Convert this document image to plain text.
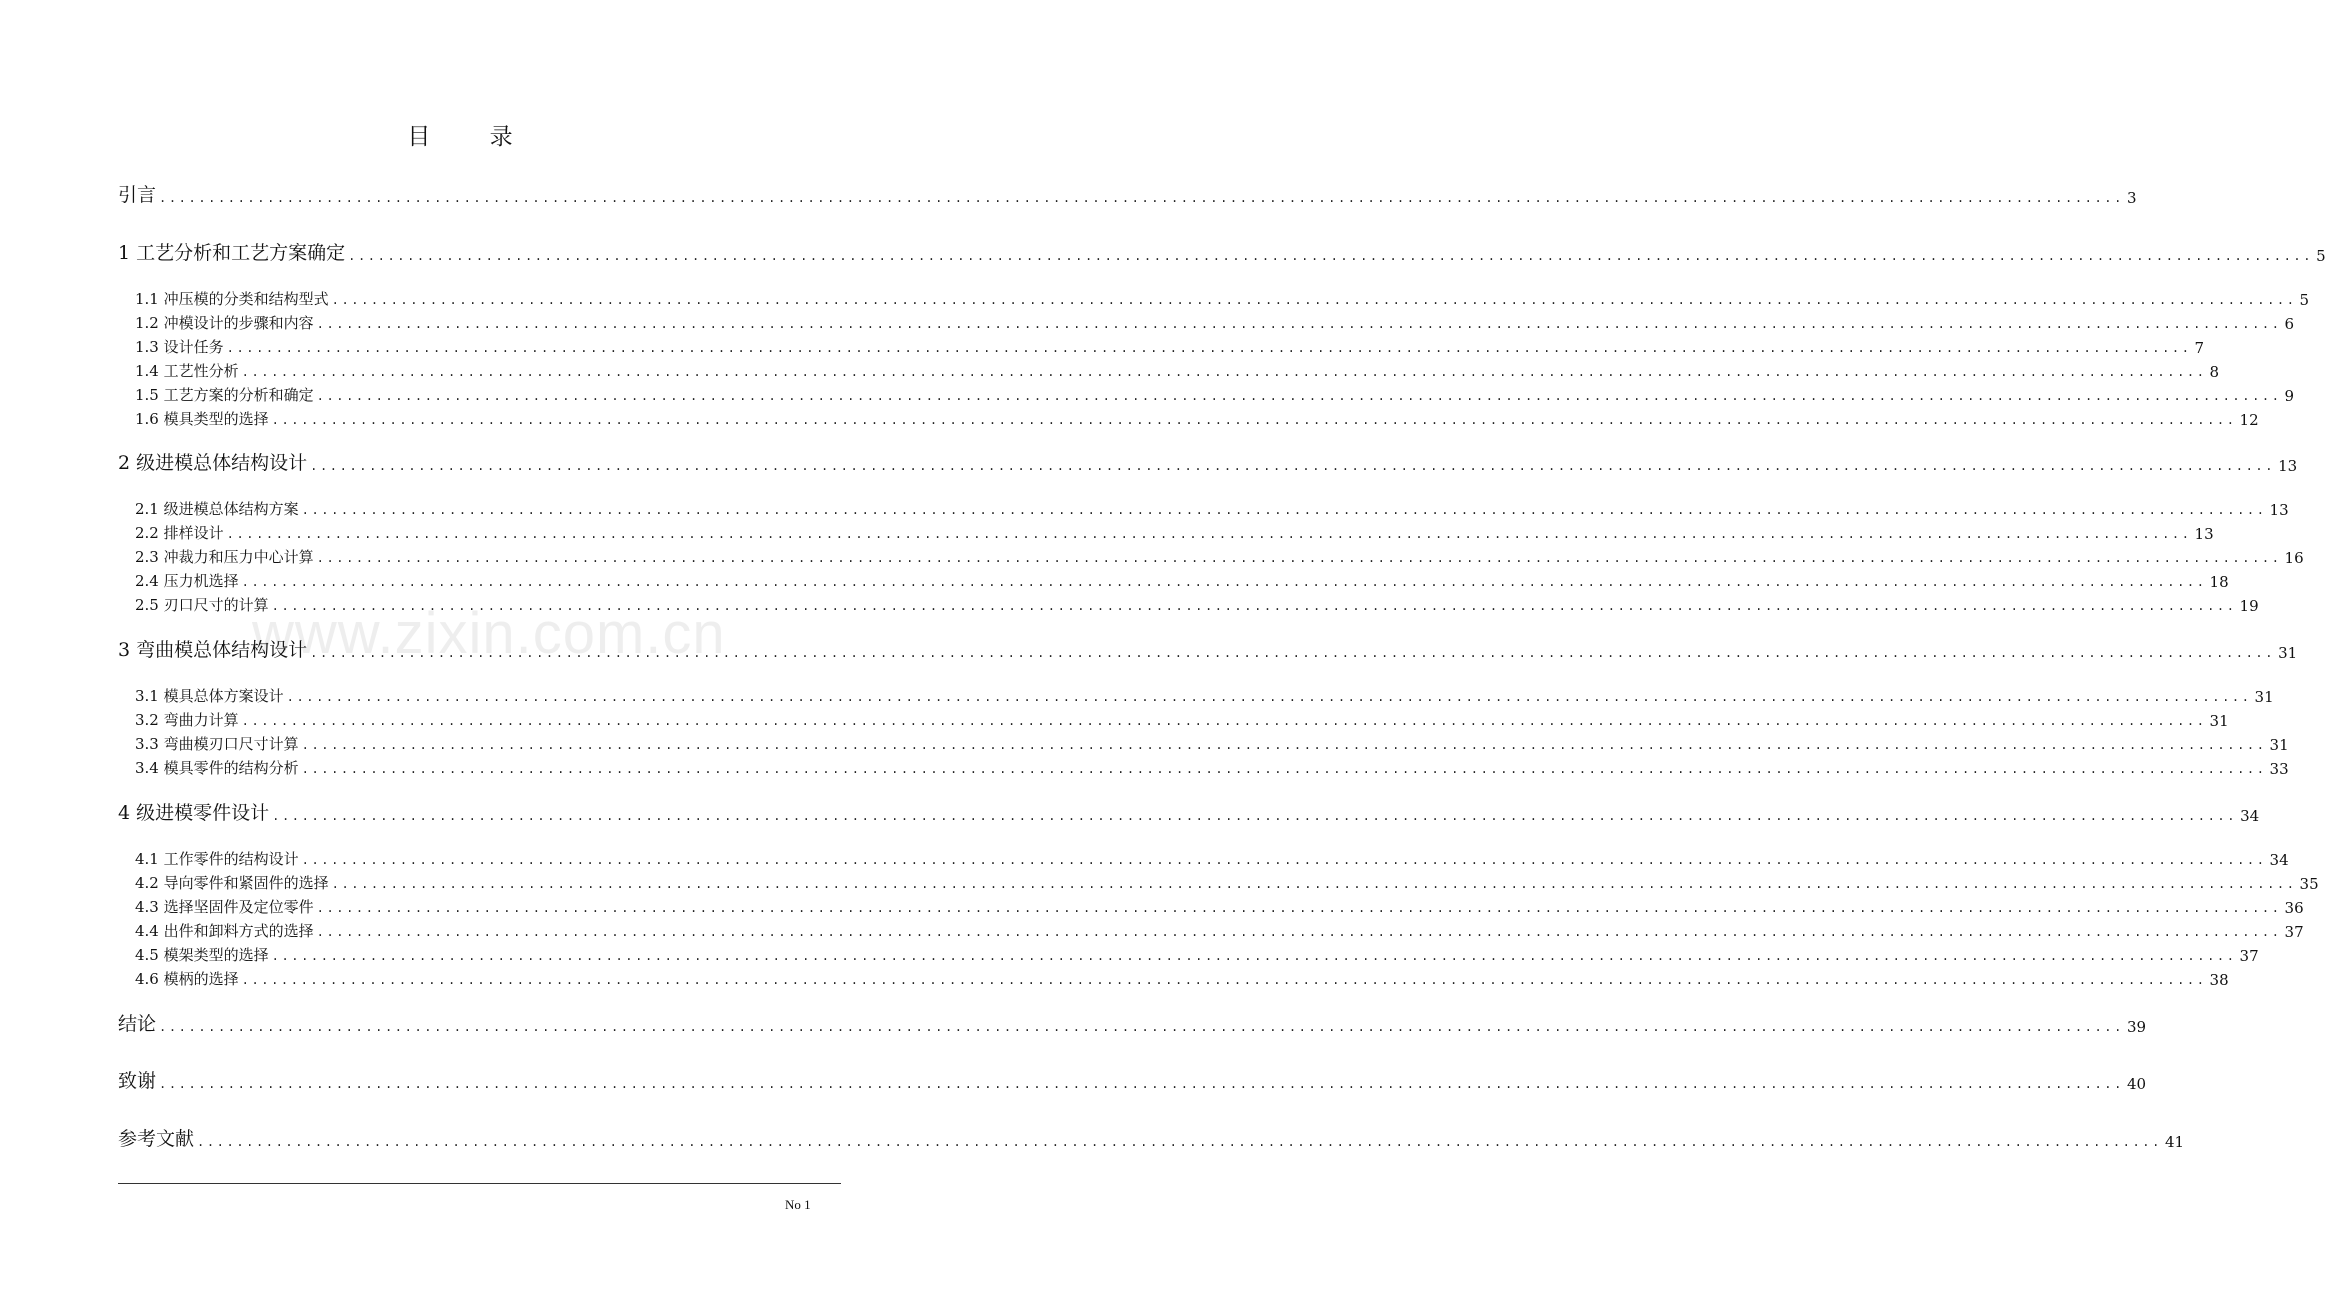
www.zixin.com.cn
目 录
引言 ........................................................................................................................................................................................................ 3
1 工艺分析和工艺方案确定 ........................................................................................................................................................................................................ 5
1.1 冲压模的分类和结构型式 ........................................................................................................................................................................................................ 5
1.2 冲模设计的步骤和内容 ........................................................................................................................................................................................................ 6
1.3 设计任务 ........................................................................................................................................................................................................ 7
1.4 工艺性分析 ........................................................................................................................................................................................................ 8
1.5 工艺方案的分析和确定 ........................................................................................................................................................................................................ 9
1.6 模具类型的选择 ........................................................................................................................................................................................................ 12
2 级进模总体结构设计 ........................................................................................................................................................................................................ 13
2.1 级进模总体结构方案 ........................................................................................................................................................................................................ 13
2.2 排样设计 ........................................................................................................................................................................................................ 13
2.3 冲裁力和压力中心计算 ........................................................................................................................................................................................................ 16
2.4 压力机选择 ........................................................................................................................................................................................................ 18
2.5 刃口尺寸的计算 ........................................................................................................................................................................................................ 19
3 弯曲模总体结构设计 ........................................................................................................................................................................................................ 31
3.1 模具总体方案设计 ........................................................................................................................................................................................................ 31
3.2 弯曲力计算 ........................................................................................................................................................................................................ 31
3.3 弯曲模刃口尺寸计算 ........................................................................................................................................................................................................ 31
3.4 模具零件的结构分析 ........................................................................................................................................................................................................ 33
4 级进模零件设计 ........................................................................................................................................................................................................ 34
4.1 工作零件的结构设计 ........................................................................................................................................................................................................ 34
4.2 导向零件和紧固件的选择 ........................................................................................................................................................................................................ 35
4.3 选择坚固件及定位零件 ........................................................................................................................................................................................................ 36
4.4 出件和卸料方式的选择 ........................................................................................................................................................................................................ 37
4.5 模架类型的选择 ........................................................................................................................................................................................................ 37
4.6 模柄的选择 ........................................................................................................................................................................................................ 38
结论 ........................................................................................................................................................................................................ 39
致谢 ........................................................................................................................................................................................................ 40
参考文献 ........................................................................................................................................................................................................ 41
No 1
